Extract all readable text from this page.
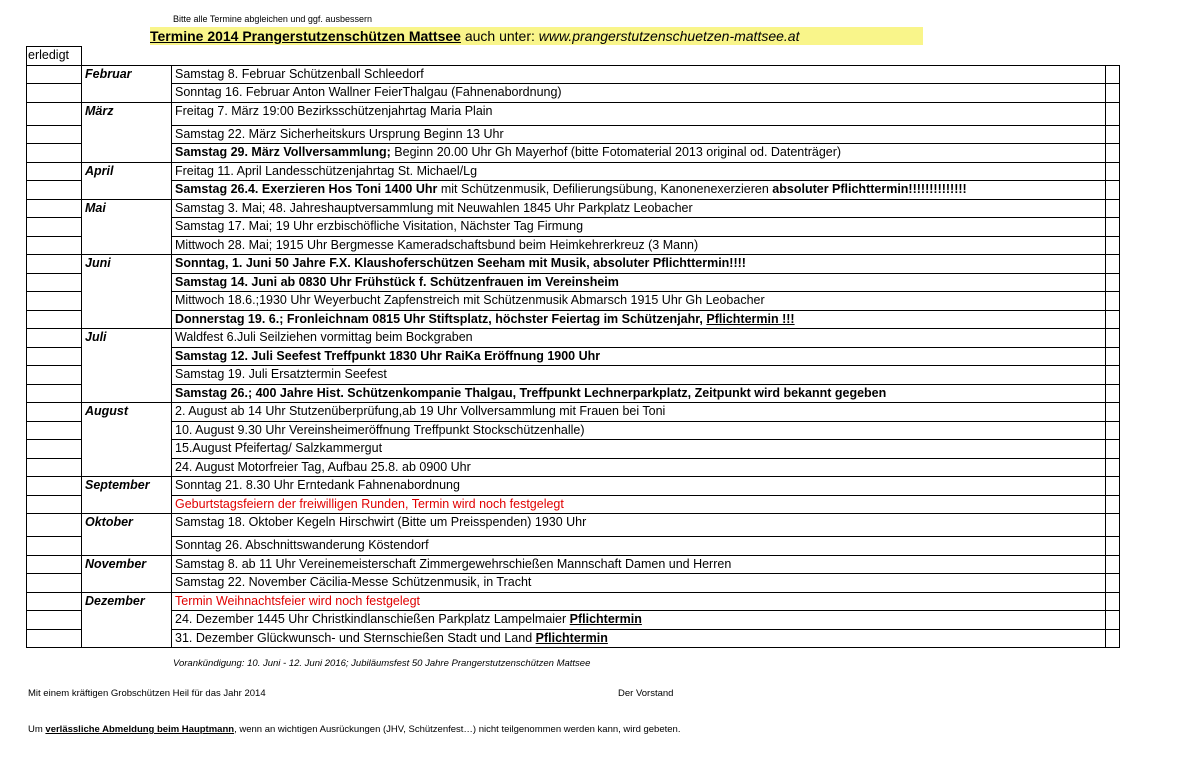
Bitte alle Termine abgleichen und ggf. ausbessern
Termine 2014 Prangerstutzenschützen Mattsee auch unter: www.prangerstutzenschuetzen-mattsee.at
erledigt			
	Februar	Samstag 8. Februar Schützenball Schleedorf	
		Sonntag 16. Februar Anton Wallner FeierThalgau (Fahnenabordnung)	
	März	Freitag 7. März 19:00 Bezirksschützenjahrtag Maria Plain	
		Samstag 22. März Sicherheitskurs Ursprung Beginn 13 Uhr	
		Samstag 29. März Vollversammlung; Beginn 20.00 Uhr Gh Mayerhof (bitte Fotomaterial 2013 original od. Datenträger)	
	April	Freitag 11. April Landesschützenjahrtag St. Michael/Lg	
		Samstag 26.4. Exerzieren Hos Toni 1400 Uhr mit Schützenmusik, Defilierungsübung, Kanonenexerzieren absoluter Pflichttermin!!!!!!!!!!!!!!	
	Mai	Samstag 3. Mai; 48. Jahreshauptversammlung mit Neuwahlen 1845 Uhr Parkplatz Leobacher	
		Samstag 17. Mai; 19 Uhr erzbischöfliche Visitation, Nächster Tag Firmung	
		Mittwoch 28. Mai; 1915 Uhr Bergmesse Kameradschaftsbund beim Heimkehrerkreuz (3 Mann)	
	Juni	Sonntag, 1. Juni 50 Jahre F.X. Klaushoferschützen Seeham mit Musik, absoluter Pflichttermin!!!!	
		Samstag 14. Juni ab 0830 Uhr Frühstück f. Schützenfrauen im Vereinsheim	
		Mittwoch 18.6.;1930 Uhr Weyerbucht Zapfenstreich mit Schützenmusik Abmarsch 1915 Uhr Gh Leobacher	
		Donnerstag 19. 6.; Fronleichnam 0815 Uhr Stiftsplatz, höchster Feiertag im Schützenjahr, Pflichtermin !!!	
	Juli	Waldfest 6.Juli Seilziehen vormittag beim Bockgraben	
		Samstag 12. Juli Seefest Treffpunkt 1830 Uhr RaiKa Eröffnung 1900 Uhr	
		Samstag 19. Juli Ersatztermin Seefest	
		Samstag 26.; 400 Jahre Hist. Schützenkompanie Thalgau, Treffpunkt Lechnerparkplatz, Zeitpunkt wird bekannt gegeben	
	August	2. August ab 14 Uhr Stutzenüberprüfung,ab 19 Uhr Vollversammlung mit Frauen bei Toni	
		10. August 9.30 Uhr Vereinsheimeröffnung Treffpunkt Stockschützenhalle)	
		15.August Pfeifertag/ Salzkammergut	
		24. August Motorfreier Tag, Aufbau 25.8. ab 0900 Uhr	
	September	Sonntag 21. 8.30 Uhr Erntedank Fahnenabordnung	
		Geburtstagsfeiern der freiwilligen Runden, Termin wird noch festgelegt	
	Oktober	Samstag 18. Oktober Kegeln Hirschwirt (Bitte um Preisspenden) 1930 Uhr	
		Sonntag 26. Abschnittswanderung Köstendorf	
	November	Samstag 8. ab 11 Uhr Vereinemeisterschaft Zimmergewehrschießen Mannschaft Damen und Herren	
		Samstag 22. November Cäcilia-Messe Schützenmusik, in Tracht	
	Dezember	Termin Weihnachtsfeier wird noch festgelegt	
		24. Dezember 1445 Uhr Christkindlanschießen Parkplatz Lampelmaier Pflichtermin	
		31. Dezember Glückwunsch- und Sternschießen Stadt und Land Pflichtermin	
Vorankündigung: 10. Juni - 12. Juni 2016; Jubiläumsfest 50 Jahre Prangerstutzenschützen Mattsee
Mit einem kräftigen Grobschützen Heil für das Jahr 2014	Der Vorstand
Um verlässliche Abmeldung beim Hauptmann, wenn an wichtigen Ausrückungen (JHV, Schützenfest…) nicht teilgenommen werden kann, wird gebeten.
